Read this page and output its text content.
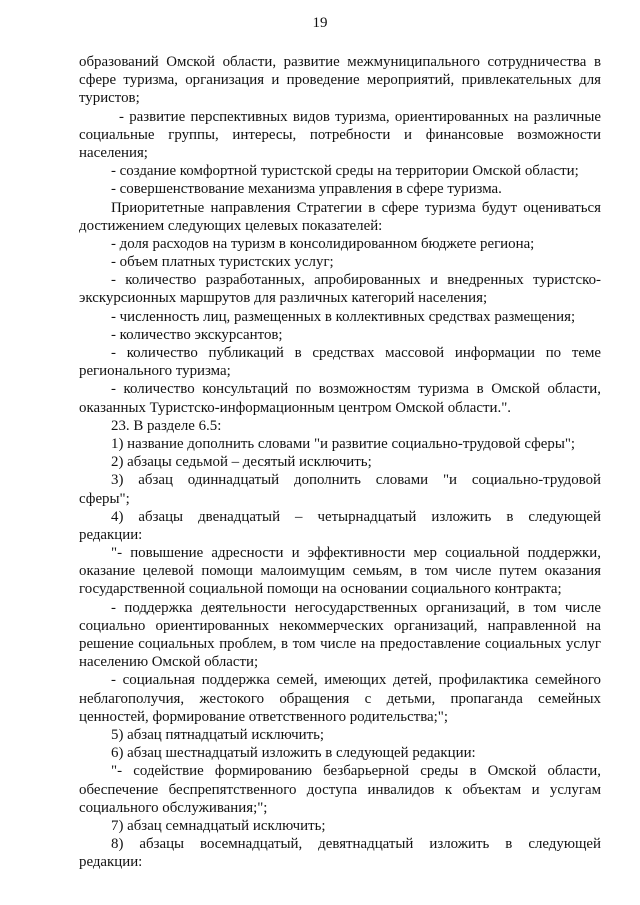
19
образований Омской области, развитие межмуниципального сотрудничества в
сфере туризма, организация и проведение мероприятий, привлекательных для
туристов;
- развитие перспективных видов туризма, ориентированных на различные
социальные группы, интересы, потребности и финансовые возможности
населения;
- создание комфортной туристской среды на территории Омской области;
- совершенствование механизма управления в сфере туризма.
Приоритетные направления Стратегии в сфере туризма будут оцениваться
достижением следующих целевых показателей:
- доля расходов на туризм в консолидированном бюджете региона;
- объем платных туристских услуг;
- количество разработанных, апробированных и внедренных туристско-
экскурсионных маршрутов для различных категорий населения;
- численность лиц, размещенных в коллективных средствах размещения;
- количество экскурсантов;
- количество публикаций в средствах массовой информации по теме
регионального туризма;
- количество консультаций по возможностям туризма в Омской области,
оказанных Туристско-информационным центром Омской области.".
23. В разделе 6.5:
1) название дополнить словами "и развитие социально-трудовой сферы";
2) абзацы седьмой – десятый исключить;
3) абзац одиннадцатый дополнить словами "и социально-трудовой
сферы";
4) абзацы двенадцатый – четырнадцатый изложить в следующей
редакции:
"- повышение адресности и эффективности мер социальной поддержки,
оказание целевой помощи малоимущим семьям, в том числе путем оказания
государственной социальной помощи на основании социального контракта;
- поддержка деятельности негосударственных организаций, в том числе
социально ориентированных некоммерческих организаций, направленной на
решение социальных проблем, в том числе на предоставление социальных услуг
населению Омской области;
- социальная поддержка семей, имеющих детей, профилактика семейного
неблагополучия, жестокого обращения с детьми, пропаганда семейных
ценностей, формирование ответственного родительства;";
5) абзац пятнадцатый исключить;
6) абзац шестнадцатый изложить в следующей редакции:
"- содействие формированию безбарьерной среды в Омской области,
обеспечение беспрепятственного доступа инвалидов к объектам и услугам
социального обслуживания;";
7) абзац семнадцатый исключить;
8) абзацы восемнадцатый, девятнадцатый изложить в следующей
редакции:
